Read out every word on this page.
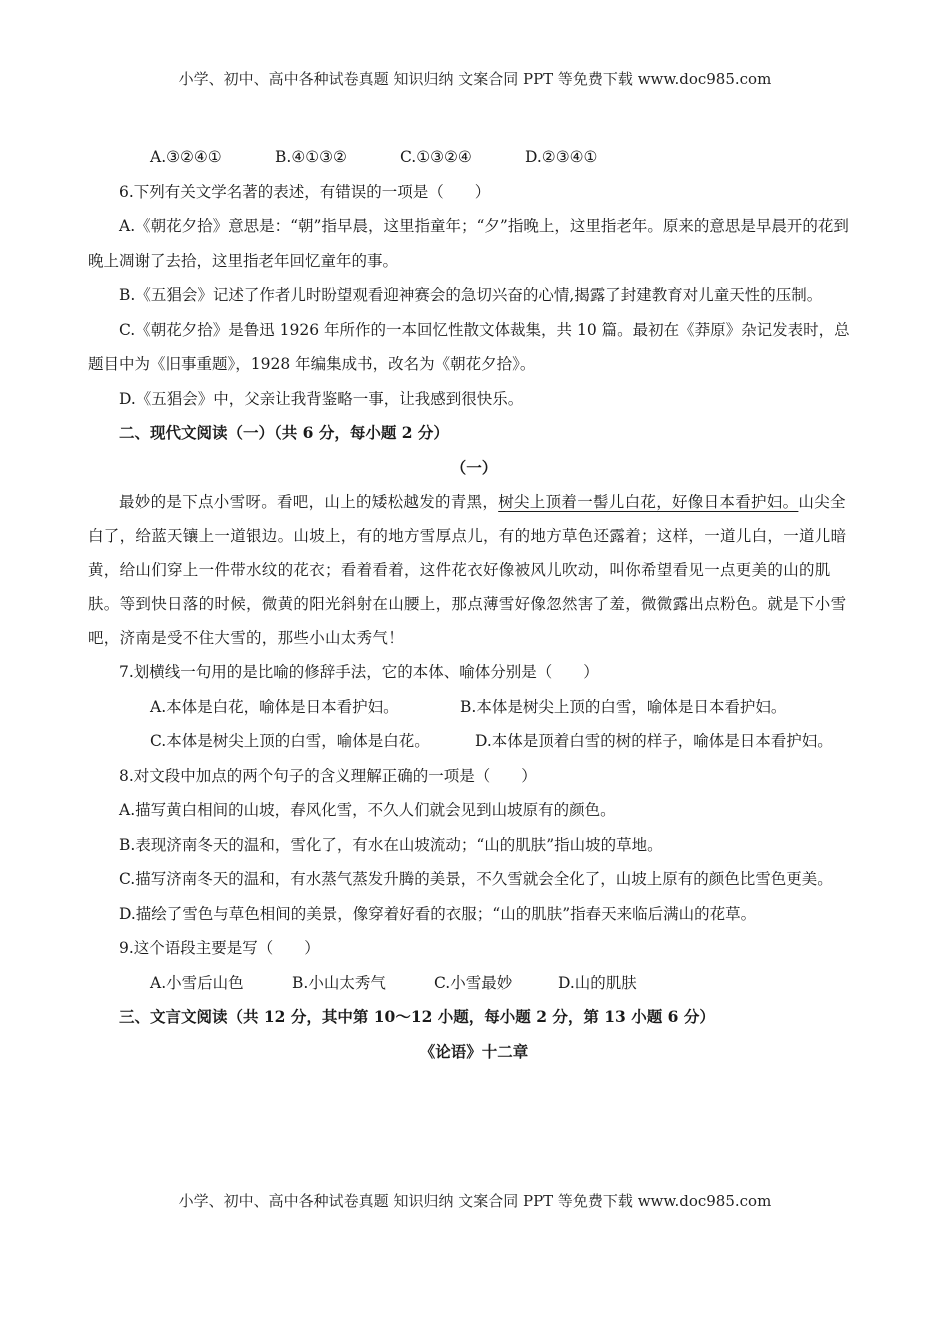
小学、初中、高中各种试卷真题 知识归纳 文案合同 PPT 等免费下载 www.doc985.com

A.③②④①	B.④①③②	C.①③②④	D.②③④①

6.下列有关文学名著的表述，有错误的一项是（　　）

A.《朝花夕拾》意思是：“朝”指早晨，这里指童年；“夕”指晚上，这里指老年。原来的意思是早晨开的花到晚上凋谢了去拾，这里指老年回忆童年的事。

B.《五猖会》记述了作者儿时盼望观看迎神赛会的急切兴奋的心情,揭露了封建教育对儿童天性的压制。

C.《朝花夕拾》是鲁迅 1926 年所作的一本回忆性散文体裁集，共 10 篇。最初在《莽原》杂记发表时，总题目中为《旧事重题》，1928 年编集成书，改名为《朝花夕拾》。

D.《五猖会》中，父亲让我背鉴略一事，让我感到很快乐。

二、现代文阅读（一）（共 6 分，每小题 2 分）

（一）

最妙的是下点小雪呀。看吧，山上的矮松越发的青黑，树尖上顶着一髻儿白花，好像日本看护妇。山尖全白了，给蓝天镶上一道银边。山坡上，有的地方雪厚点儿，有的地方草色还露着；这样，一道儿白，一道儿暗黄，给山们穿上一件带水纹的花衣；看着看着，这件花衣好像被风儿吹动，叫你希望看见一点更美的山的肌肤。等到快日落的时候，微黄的阳光斜射在山腰上，那点薄雪好像忽然害了羞，微微露出点粉色。就是下小雪吧，济南是受不住大雪的，那些小山太秀气！

7.划横线一句用的是比喻的修辞手法，它的本体、喻体分别是（　　）

A.本体是白花，喻体是日本看护妇。	B.本体是树尖上顶的白雪，喻体是日本看护妇。

C.本体是树尖上顶的白雪，喻体是白花。	D.本体是顶着白雪的树的样子，喻体是日本看护妇。

8.对文段中加点的两个句子的含义理解正确的一项是（　　）

A.描写黄白相间的山坡，春风化雪，不久人们就会见到山坡原有的颜色。

B.表现济南冬天的温和，雪化了，有水在山坡流动；“山的肌肤”指山坡的草地。

C.描写济南冬天的温和，有水蒸气蒸发升腾的美景，不久雪就会全化了，山坡上原有的颜色比雪色更美。

D.描绘了雪色与草色相间的美景，像穿着好看的衣服；“山的肌肤”指春天来临后满山的花草。

9.这个语段主要是写（　　）

A.小雪后山色	B.小山太秀气	C.小雪最妙	D.山的肌肤

三、文言文阅读（共 12 分，其中第 10～12 小题，每小题 2 分，第 13 小题 6 分）

《论语》十二章

小学、初中、高中各种试卷真题 知识归纳 文案合同 PPT 等免费下载 www.doc985.com
